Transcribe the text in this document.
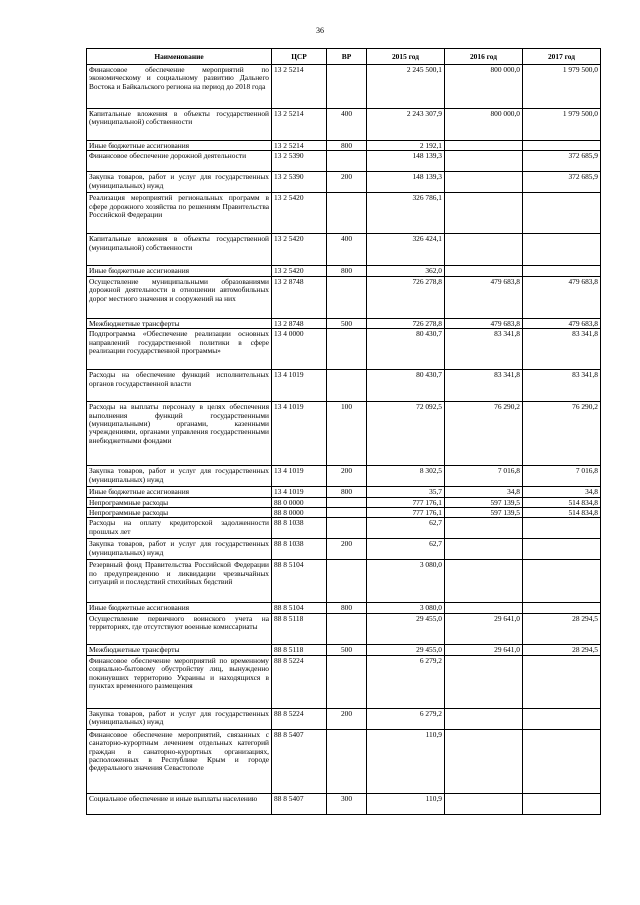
36
Наименование	ЦСР	ВР	2015 год	2016 год	2017 год
Финансовое обеспечение мероприятий по экономическому и социальному развитию Дальнего Востока и Байкальского региона на период до 2018 года	13 2 5214		2 245 500,1	800 000,0	1 979 500,0
Капитальные вложения в объекты государственной (муниципальной) собственности	13 2 5214	400	2 243 307,9	800 000,0	1 979 500,0
Иные бюджетные ассигнования	13 2 5214	800	2 192,1		
Финансовое обеспечение дорожной деятельности	13 2 5390		148 139,3		372 685,9
Закупка товаров, работ и услуг для государственных (муниципальных) нужд	13 2 5390	200	148 139,3		372 685,9
Реализация мероприятий региональных программ в сфере дорожного хозяйства по решениям Правительства Российской Федерации	13 2 5420		326 786,1		
Капитальные вложения в объекты государственной (муниципальной) собственности	13 2 5420	400	326 424,1		
Иные бюджетные ассигнования	13 2 5420	800	362,0		
Осуществление муниципальными образованиями дорожной деятельности в отношении автомобильных дорог местного значения и сооружений на них	13 2 8748		726 278,8	479 683,8	479 683,8
Межбюджетные трансферты	13 2 8748	500	726 278,8	479 683,8	479 683,8
Подпрограмма «Обеспечение реализации основных направлений государственной политики в сфере реализации государственной программы»	13 4 0000		80 430,7	83 341,8	83 341,8
Расходы на обеспечение функций исполнительных органов государственной власти	13 4 1019		80 430,7	83 341,8	83 341,8
Расходы на выплаты персоналу в целях обеспечения выполнения функций государственными (муниципальными) органами, казенными учреждениями, органами управления государственными внебюджетными фондами	13 4 1019	100	72 092,5	76 290,2	76 290,2
Закупка товаров, работ и услуг для государственных (муниципальных) нужд	13 4 1019	200	8 302,5	7 016,8	7 016,8
Иные бюджетные ассигнования	13 4 1019	800	35,7	34,8	34,8
Непрограммные расходы	88 0 0000		777 176,1	597 139,5	514 834,8
Непрограммные расходы	88 8 0000		777 176,1	597 139,5	514 834,8
Расходы на оплату кредиторской задолженности прошлых лет	88 8 1038		62,7		
Закупка товаров, работ и услуг для государственных (муниципальных) нужд	88 8 1038	200	62,7		
Резервный фонд Правительства Российской Федерации по предупреждению и ликвидации чрезвычайных ситуаций и последствий стихийных бедствий	88 8 5104		3 080,0		
Иные бюджетные ассигнования	88 8 5104	800	3 080,0		
Осуществление первичного воинского учета на территориях, где отсутствуют военные комиссариаты	88 8 5118		29 455,0	29 641,0	28 294,5
Межбюджетные трансферты	88 8 5118	500	29 455,0	29 641,0	28 294,5
Финансовое обеспечение мероприятий по временному социально-бытовому обустройству лиц, вынужденно покинувших территорию Украины и находящихся в пунктах временного размещения	88 8 5224		6 279,2		
Закупка товаров, работ и услуг для государственных (муниципальных) нужд	88 8 5224	200	6 279,2		
Финансовое обеспечение мероприятий, связанных с санаторно-курортным лечением отдельных категорий граждан в санаторно-курортных организациях, расположенных в Республике Крым и городе федерального значения Севастополе	88 8 5407		110,9		
Социальное обеспечение и иные выплаты населению	88 8 5407	300	110,9		
